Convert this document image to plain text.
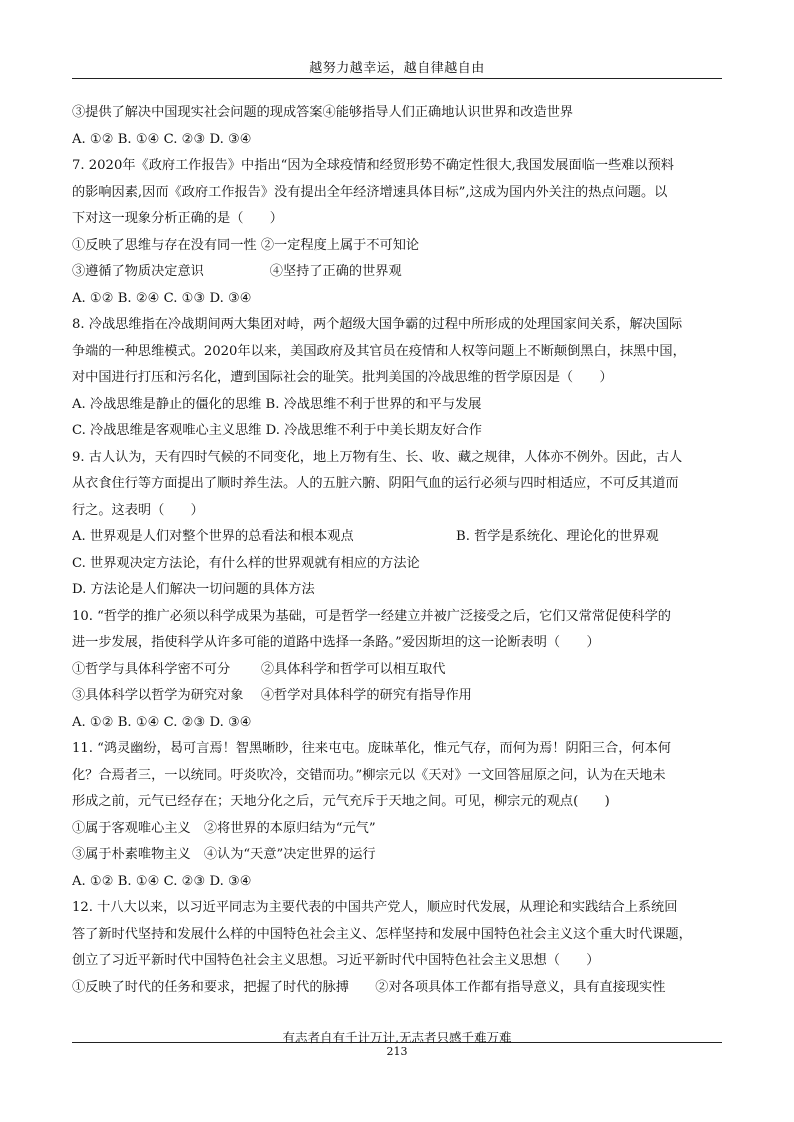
越努力越幸运，越自律越自由
③提供了解决中国现实社会问题的现成答案④能够指导人们正确地认识世界和改造世界
A. ①② B. ①④ C. ②③ D. ③④
7. 2020年《政府工作报告》中指出“因为全球疫情和经贸形势不确定性很大,我国发展面临一些难以预料
的影响因素,因而《政府工作报告》没有提出全年经济增速具体目标”,这成为国内外关注的热点问题。以
下对这一现象分析正确的是（　　）
①反映了思维与存在没有同一性 ②一定程度上属于不可知论
③遵循了物质决定意识　　　　　④坚持了正确的世界观
A. ①② B. ②④ C. ①③ D. ③④
8. 冷战思维指在冷战期间两大集团对峙，两个超级大国争霸的过程中所形成的处理国家间关系，解决国际
争端的一种思维模式。2020年以来，美国政府及其官员在疫情和人权等问题上不断颠倒黑白，抹黑中国，
对中国进行打压和污名化，遭到国际社会的耻笑。批判美国的冷战思维的哲学原因是（　　）
A. 冷战思维是静止的僵化的思维 B. 冷战思维不利于世界的和平与发展
C. 冷战思维是客观唯心主义思维 D. 冷战思维不利于中美长期友好合作
9. 古人认为，天有四时气候的不同变化，地上万物有生、长、收、藏之规律，人体亦不例外。因此，古人
从衣食住行等方面提出了顺时养生法。人的五脏六腑、阴阳气血的运行必须与四时相适应，不可反其道而
行之。这表明（　　）
A. 世界观是人们对整个世界的总看法和根本观点	B. 哲学是系统化、理论化的世界观
C. 世界观决定方法论，有什么样的世界观就有相应的方法论
D. 方法论是人们解决一切问题的具体方法
10. “哲学的推广必须以科学成果为基础，可是哲学一经建立并被广泛接受之后，它们又常常促使科学的
进一步发展，指使科学从许多可能的道路中选择一条路。”爱因斯坦的这一论断表明（　　）
①哲学与具体科学密不可分　　 ②具体科学和哲学可以相互取代
③具体科学以哲学为研究对象　 ④哲学对具体科学的研究有指导作用
A. ①② B. ①④ C. ②③ D. ③④
11. “鸿灵幽纷，曷可言焉！智黑晰眇，往来屯屯。庞昧革化，惟元气存，而何为焉！阴阳三合，何本何
化？合焉者三，一以统同。吁炎吹冷，交错而功。”柳宗元以《天对》一文回答屈原之问，认为在天地未
形成之前，元气已经存在；天地分化之后，元气充斥于天地之间。可见，柳宗元的观点(　　)
①属于客观唯心主义　②将世界的本原归结为“元气”
③属于朴素唯物主义　④认为“天意”决定世界的运行
A. ①② B. ①④ C. ②③ D. ③④
12. 十八大以来，以习近平同志为主要代表的中国共产党人，顺应时代发展，从理论和实践结合上系统回
答了新时代坚持和发展什么样的中国特色社会主义、怎样坚持和发展中国特色社会主义这个重大时代课题，
创立了习近平新时代中国特色社会主义思想。习近平新时代中国特色社会主义思想（　　）
①反映了时代的任务和要求，把握了时代的脉搏　　②对各项具体工作都有指导意义，具有直接现实性
有志者自有千计万计,无志者只感千难万难
213
